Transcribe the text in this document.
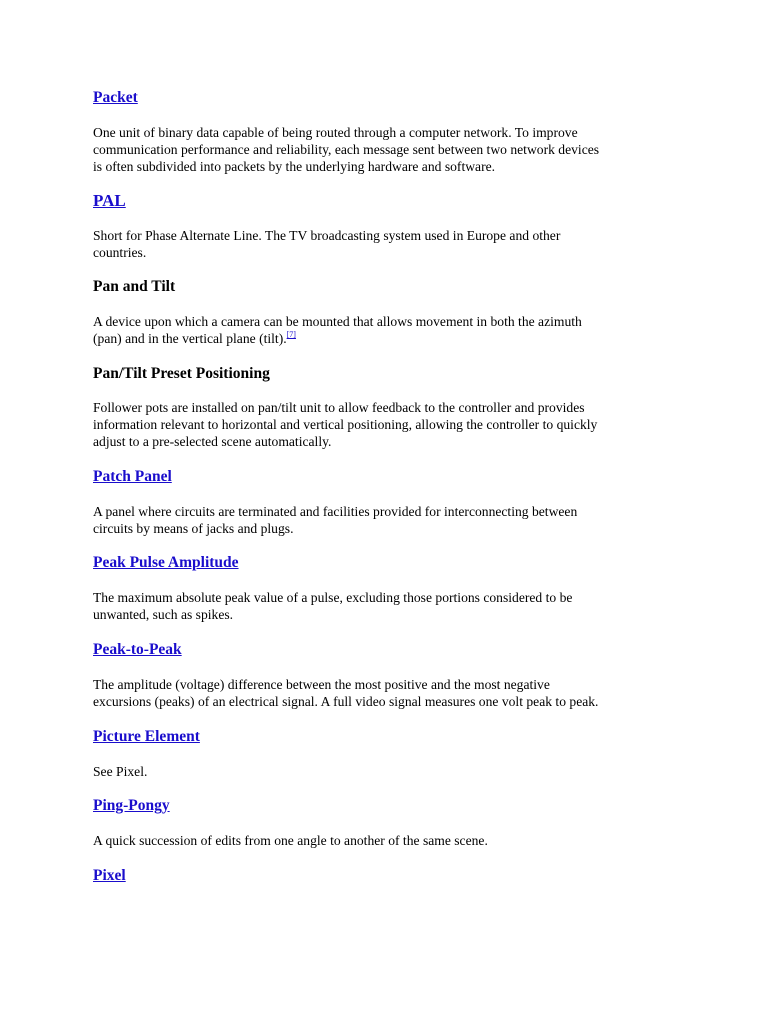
Packet

One unit of binary data capable of being routed through a computer network. To improve
communication performance and reliability, each message sent between two network devices
is often subdivided into packets by the underlying hardware and software.

PAL

Short for Phase Alternate Line. The TV broadcasting system used in Europe and other
countries.

Pan and Tilt

A device upon which a camera can be mounted that allows movement in both the azimuth
(pan) and in the vertical plane (tilt).[7]

Pan/Tilt Preset Positioning

Follower pots are installed on pan/tilt unit to allow feedback to the controller and provides
information relevant to horizontal and vertical positioning, allowing the controller to quickly
adjust to a pre-selected scene automatically.

Patch Panel

A panel where circuits are terminated and facilities provided for interconnecting between
circuits by means of jacks and plugs.

Peak Pulse Amplitude

The maximum absolute peak value of a pulse, excluding those portions considered to be
unwanted, such as spikes.

Peak-to-Peak

The amplitude (voltage) difference between the most positive and the most negative
excursions (peaks) of an electrical signal. A full video signal measures one volt peak to peak.

Picture Element

See Pixel.

Ping-Pongy

A quick succession of edits from one angle to another of the same scene.

Pixel
